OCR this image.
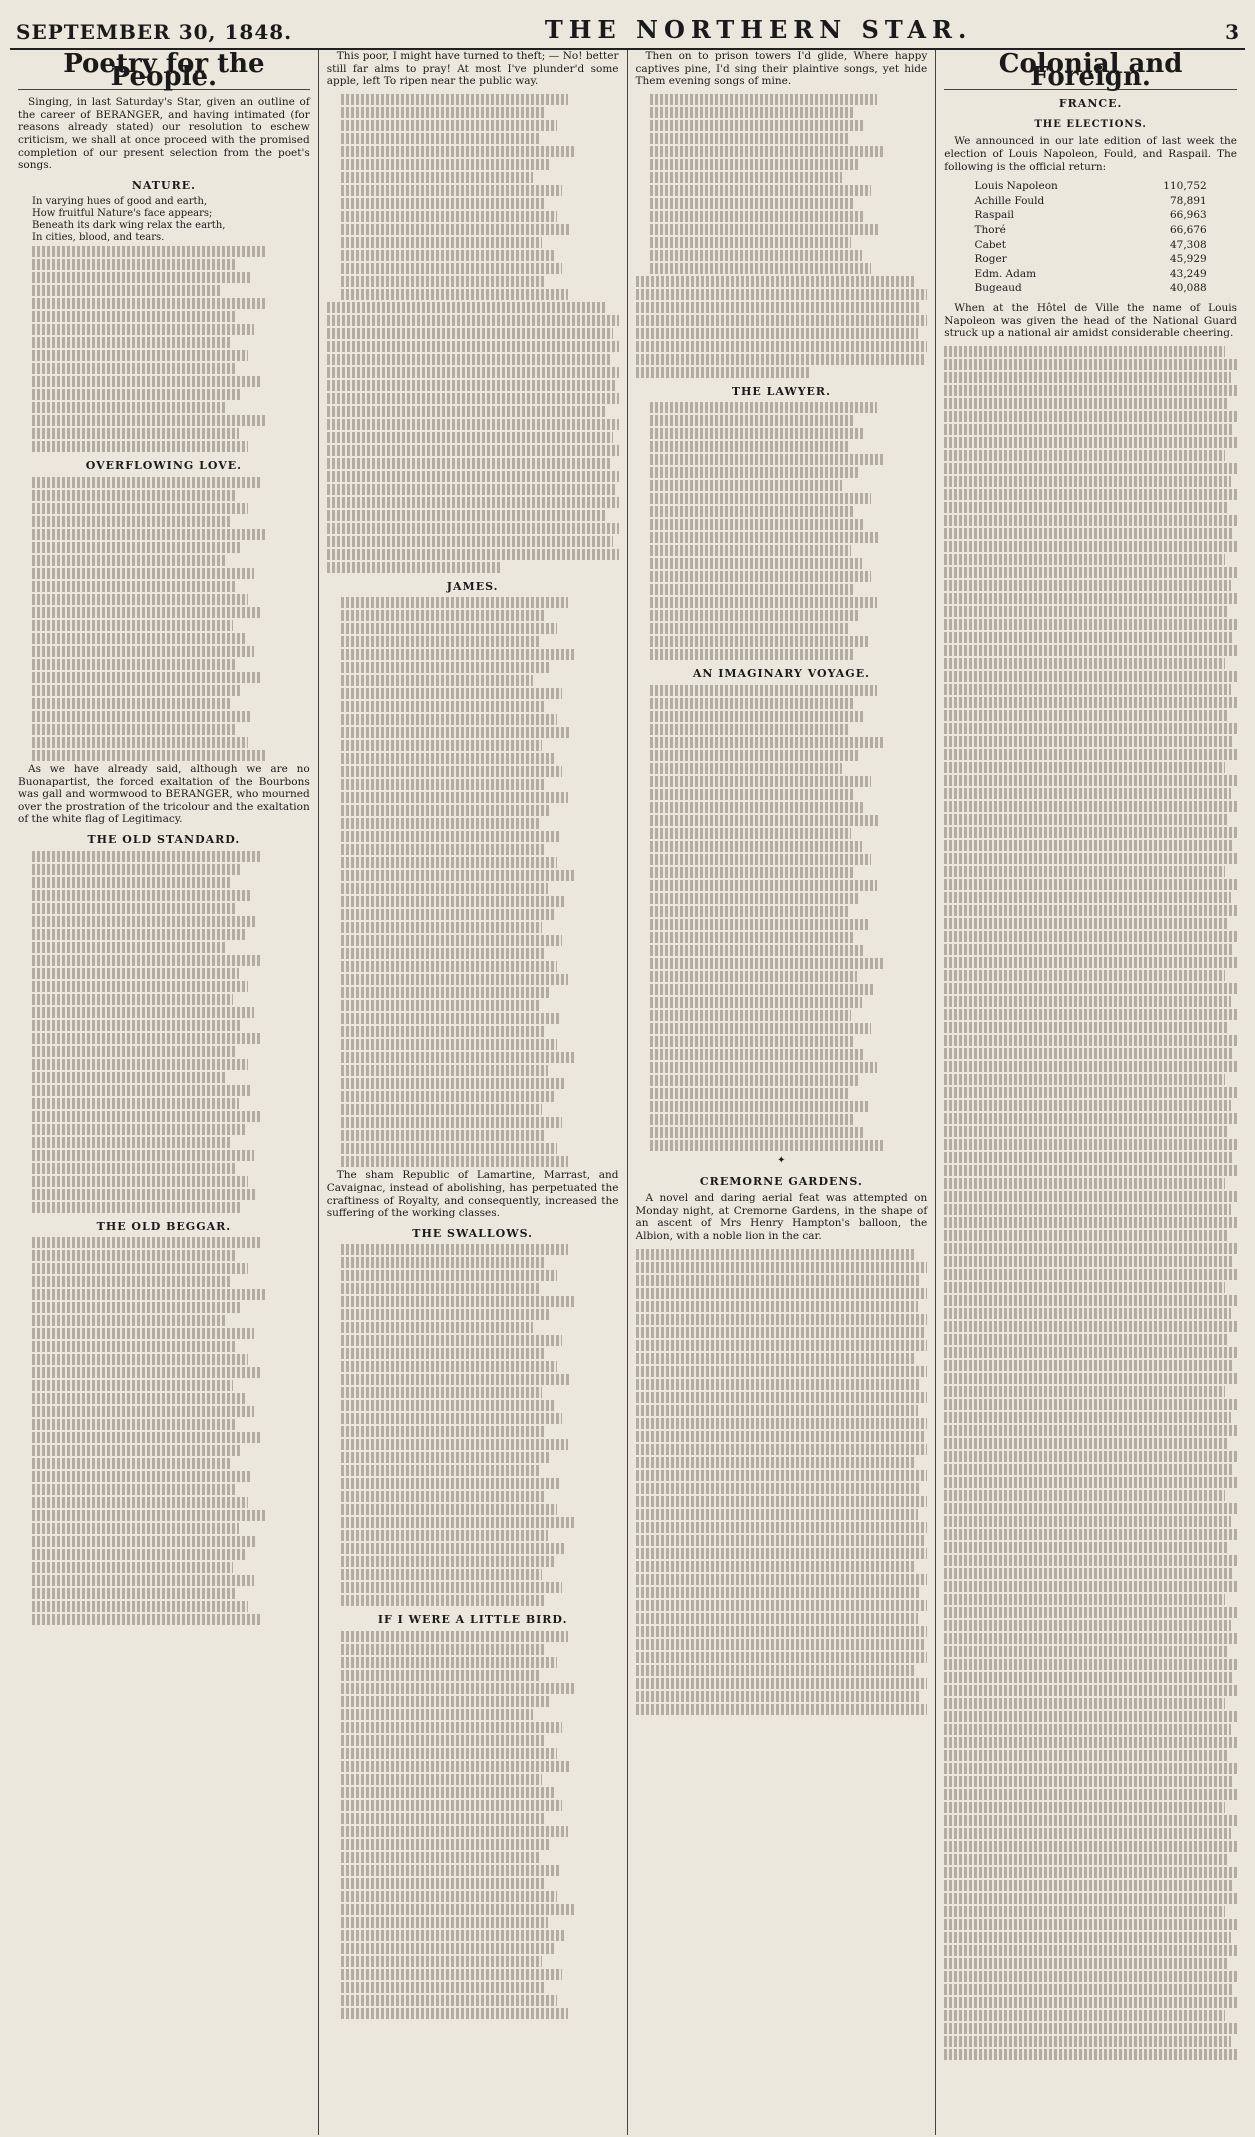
SEPTEMBER 30, 1848.	THE NORTHERN STAR.	3
Poetry for the People.

Singing, in last Saturday's Star, given an outline of the career of BERANGER, and having intimated (for reasons already stated) our resolution to eschew criticism, we shall at once proceed with the promised completion of our present selection from the poet's songs.

NATURE.

In varying hues of good and earth,

How fruitful Nature's face appears;

Beneath its dark wing relax the earth,

In cities, blood, and tears.

OVERFLOWING LOVE.

As we have already said, although we are no Buonapartist, the forced exaltation of the Bourbons was gall and wormwood to BERANGER, who mourned over the prostration of the tricolour and the exaltation of the white flag of Legitimacy.

THE OLD STANDARD.
THE OLD BEGGAR.

This poor, I might have turned to theft; — No! better still far alms to pray! At most I've plunder'd some apple, left To ripen near the public way.

JAMES.

The sham Republic of Lamartine, Marrast, and Cavaignac, instead of abolishing, has perpetuated the craftiness of Royalty, and consequently, increased the suffering of the working classes.

THE SWALLOWS.
IF I WERE A LITTLE BIRD.

Then on to prison towers I'd glide, Where happy captives pine, I'd sing their plaintive songs, yet hide Them evening songs of mine.

THE LAWYER.
AN IMAGINARY VOYAGE.
✦
CREMORNE GARDENS.

A novel and daring aerial feat was attempted on Monday night, at Cremorne Gardens, in the shape of an ascent of Mrs Henry Hampton's balloon, the Albion, with a noble lion in the car.

Colonial and Foreign.
FRANCE.
THE ELECTIONS.

We announced in our late edition of last week the election of Louis Napoleon, Fould, and Raspail. The following is the official return:

Louis Napoleon	110,752
Achille Fould	78,891
Raspail	66,963
Thoré	66,676
Cabet	47,308
Roger	45,929
Edm. Adam	43,249
Bugeaud	40,088

When at the Hôtel de Ville the name of Louis Napoleon was given the head of the National Guard struck up a national air amidst considerable cheering.
